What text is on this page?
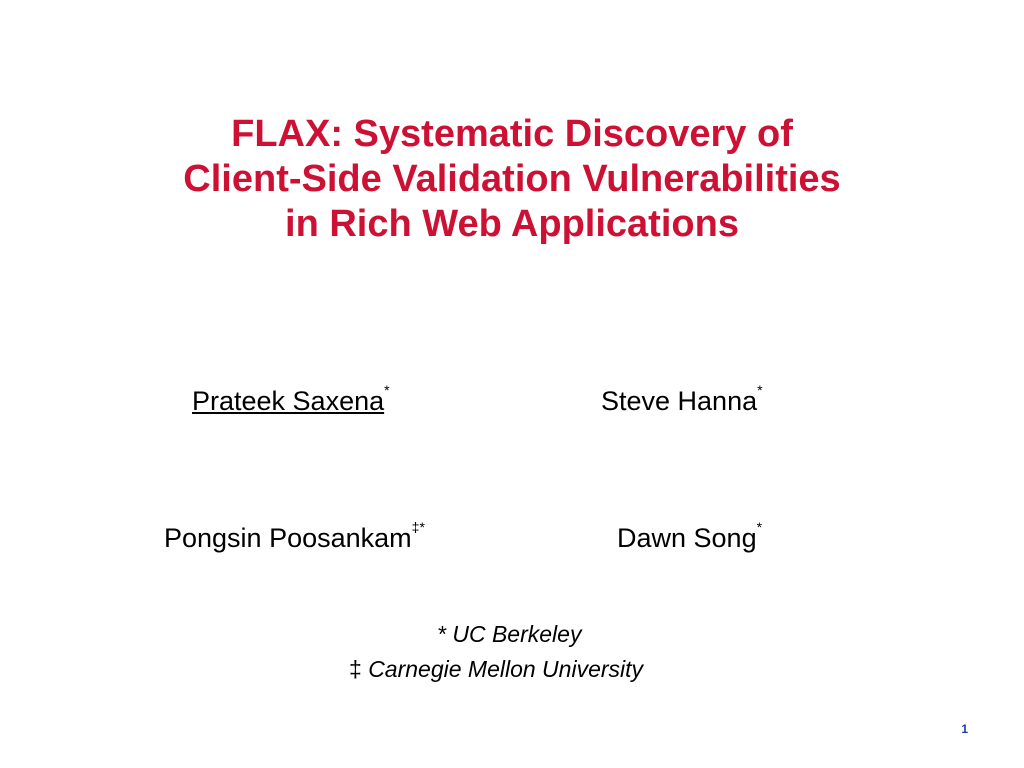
FLAX: Systematic Discovery of
Client-Side Validation Vulnerabilities
in Rich Web Applications
Prateek Saxena*	Steve Hanna*
Pongsin Poosankam‡*	Dawn Song*
* UC Berkeley
‡ Carnegie Mellon University
1
